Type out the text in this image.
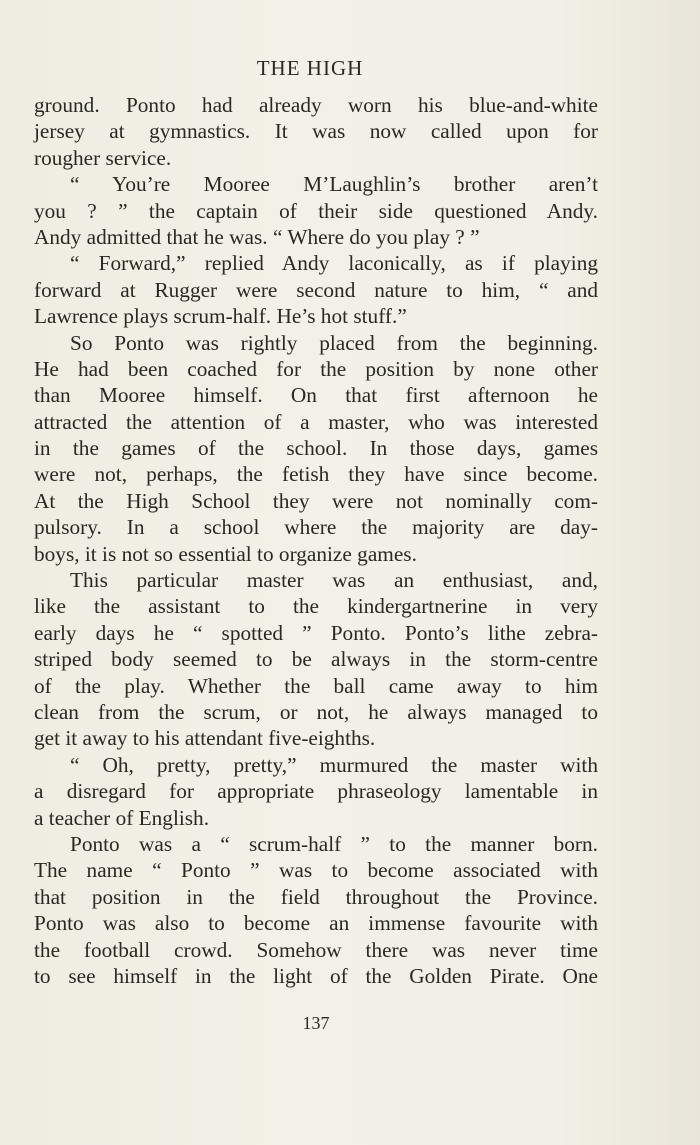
THE HIGH
ground. Ponto had already worn his blue-and-white
jersey at gymnastics. It was now called upon for
rougher service.
“ You’re Mooree M’Laughlin’s brother aren’t
you ? ” the captain of their side questioned Andy.
Andy admitted that he was. “ Where do you play ? ”
“ Forward,” replied Andy laconically, as if playing
forward at Rugger were second nature to him, “ and
Lawrence plays scrum-half. He’s hot stuff.”
So Ponto was rightly placed from the beginning.
He had been coached for the position by none other
than Mooree himself. On that first afternoon he
attracted the attention of a master, who was interested
in the games of the school. In those days, games
were not, perhaps, the fetish they have since become.
At the High School they were not nominally com-
pulsory. In a school where the majority are day-
boys, it is not so essential to organize games.
This particular master was an enthusiast, and,
like the assistant to the kindergartnerine in very
early days he “ spotted ” Ponto. Ponto’s lithe zebra-
striped body seemed to be always in the storm-centre
of the play. Whether the ball came away to him
clean from the scrum, or not, he always managed to
get it away to his attendant five-eighths.
“ Oh, pretty, pretty,” murmured the master with
a disregard for appropriate phraseology lamentable in
a teacher of English.
Ponto was a “ scrum-half ” to the manner born.
The name “ Ponto ” was to become associated with
that position in the field throughout the Province.
Ponto was also to become an immense favourite with
the football crowd. Somehow there was never time
to see himself in the light of the Golden Pirate. One
137
